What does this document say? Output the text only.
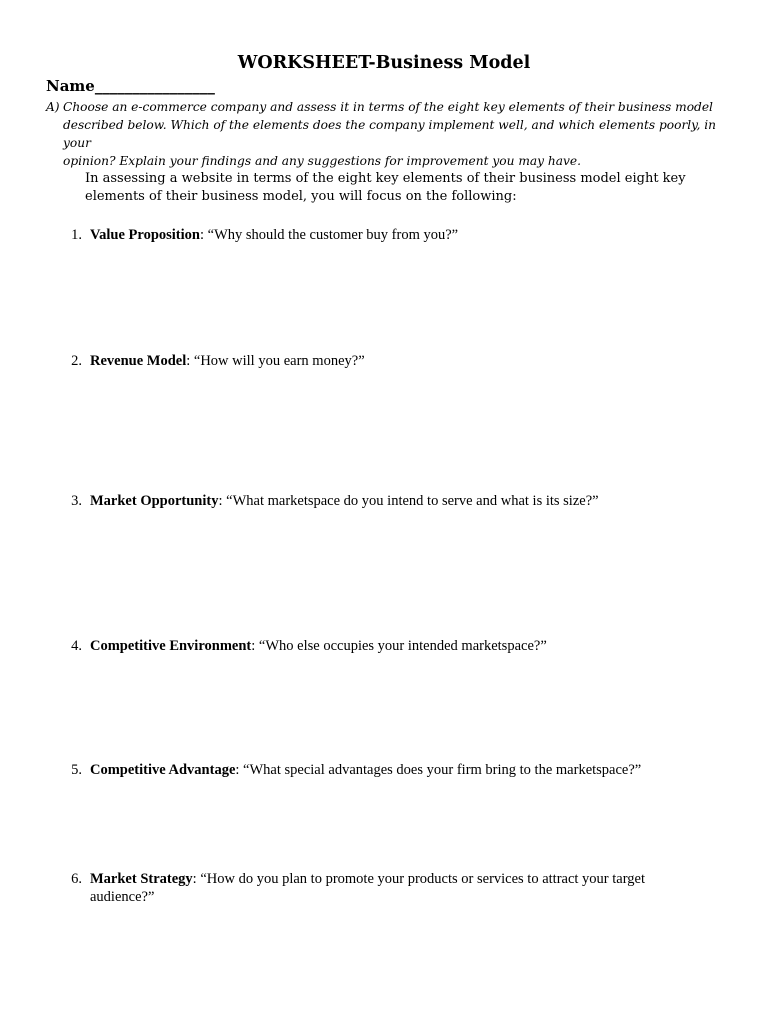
WORKSHEET-Business Model
Name________________
A) Choose an e-commerce company and assess it in terms of the eight key elements of their business model
described below. Which of the elements does the company implement well, and which elements poorly, in your
opinion? Explain your findings and any suggestions for improvement you may have.
In assessing a website in terms of the eight key elements of their business model eight key
elements of their business model, you will focus on the following:
1. Value Proposition: “Why should the customer buy from you?”
2. Revenue Model: “How will you earn money?”
3. Market Opportunity: “What marketspace do you intend to serve and what is its size?”
4. Competitive Environment: “Who else occupies your intended marketspace?”
5. Competitive Advantage: “What special advantages does your firm bring to the marketspace?”
6. Market Strategy: “How do you plan to promote your products or services to attract your target
audience?”
